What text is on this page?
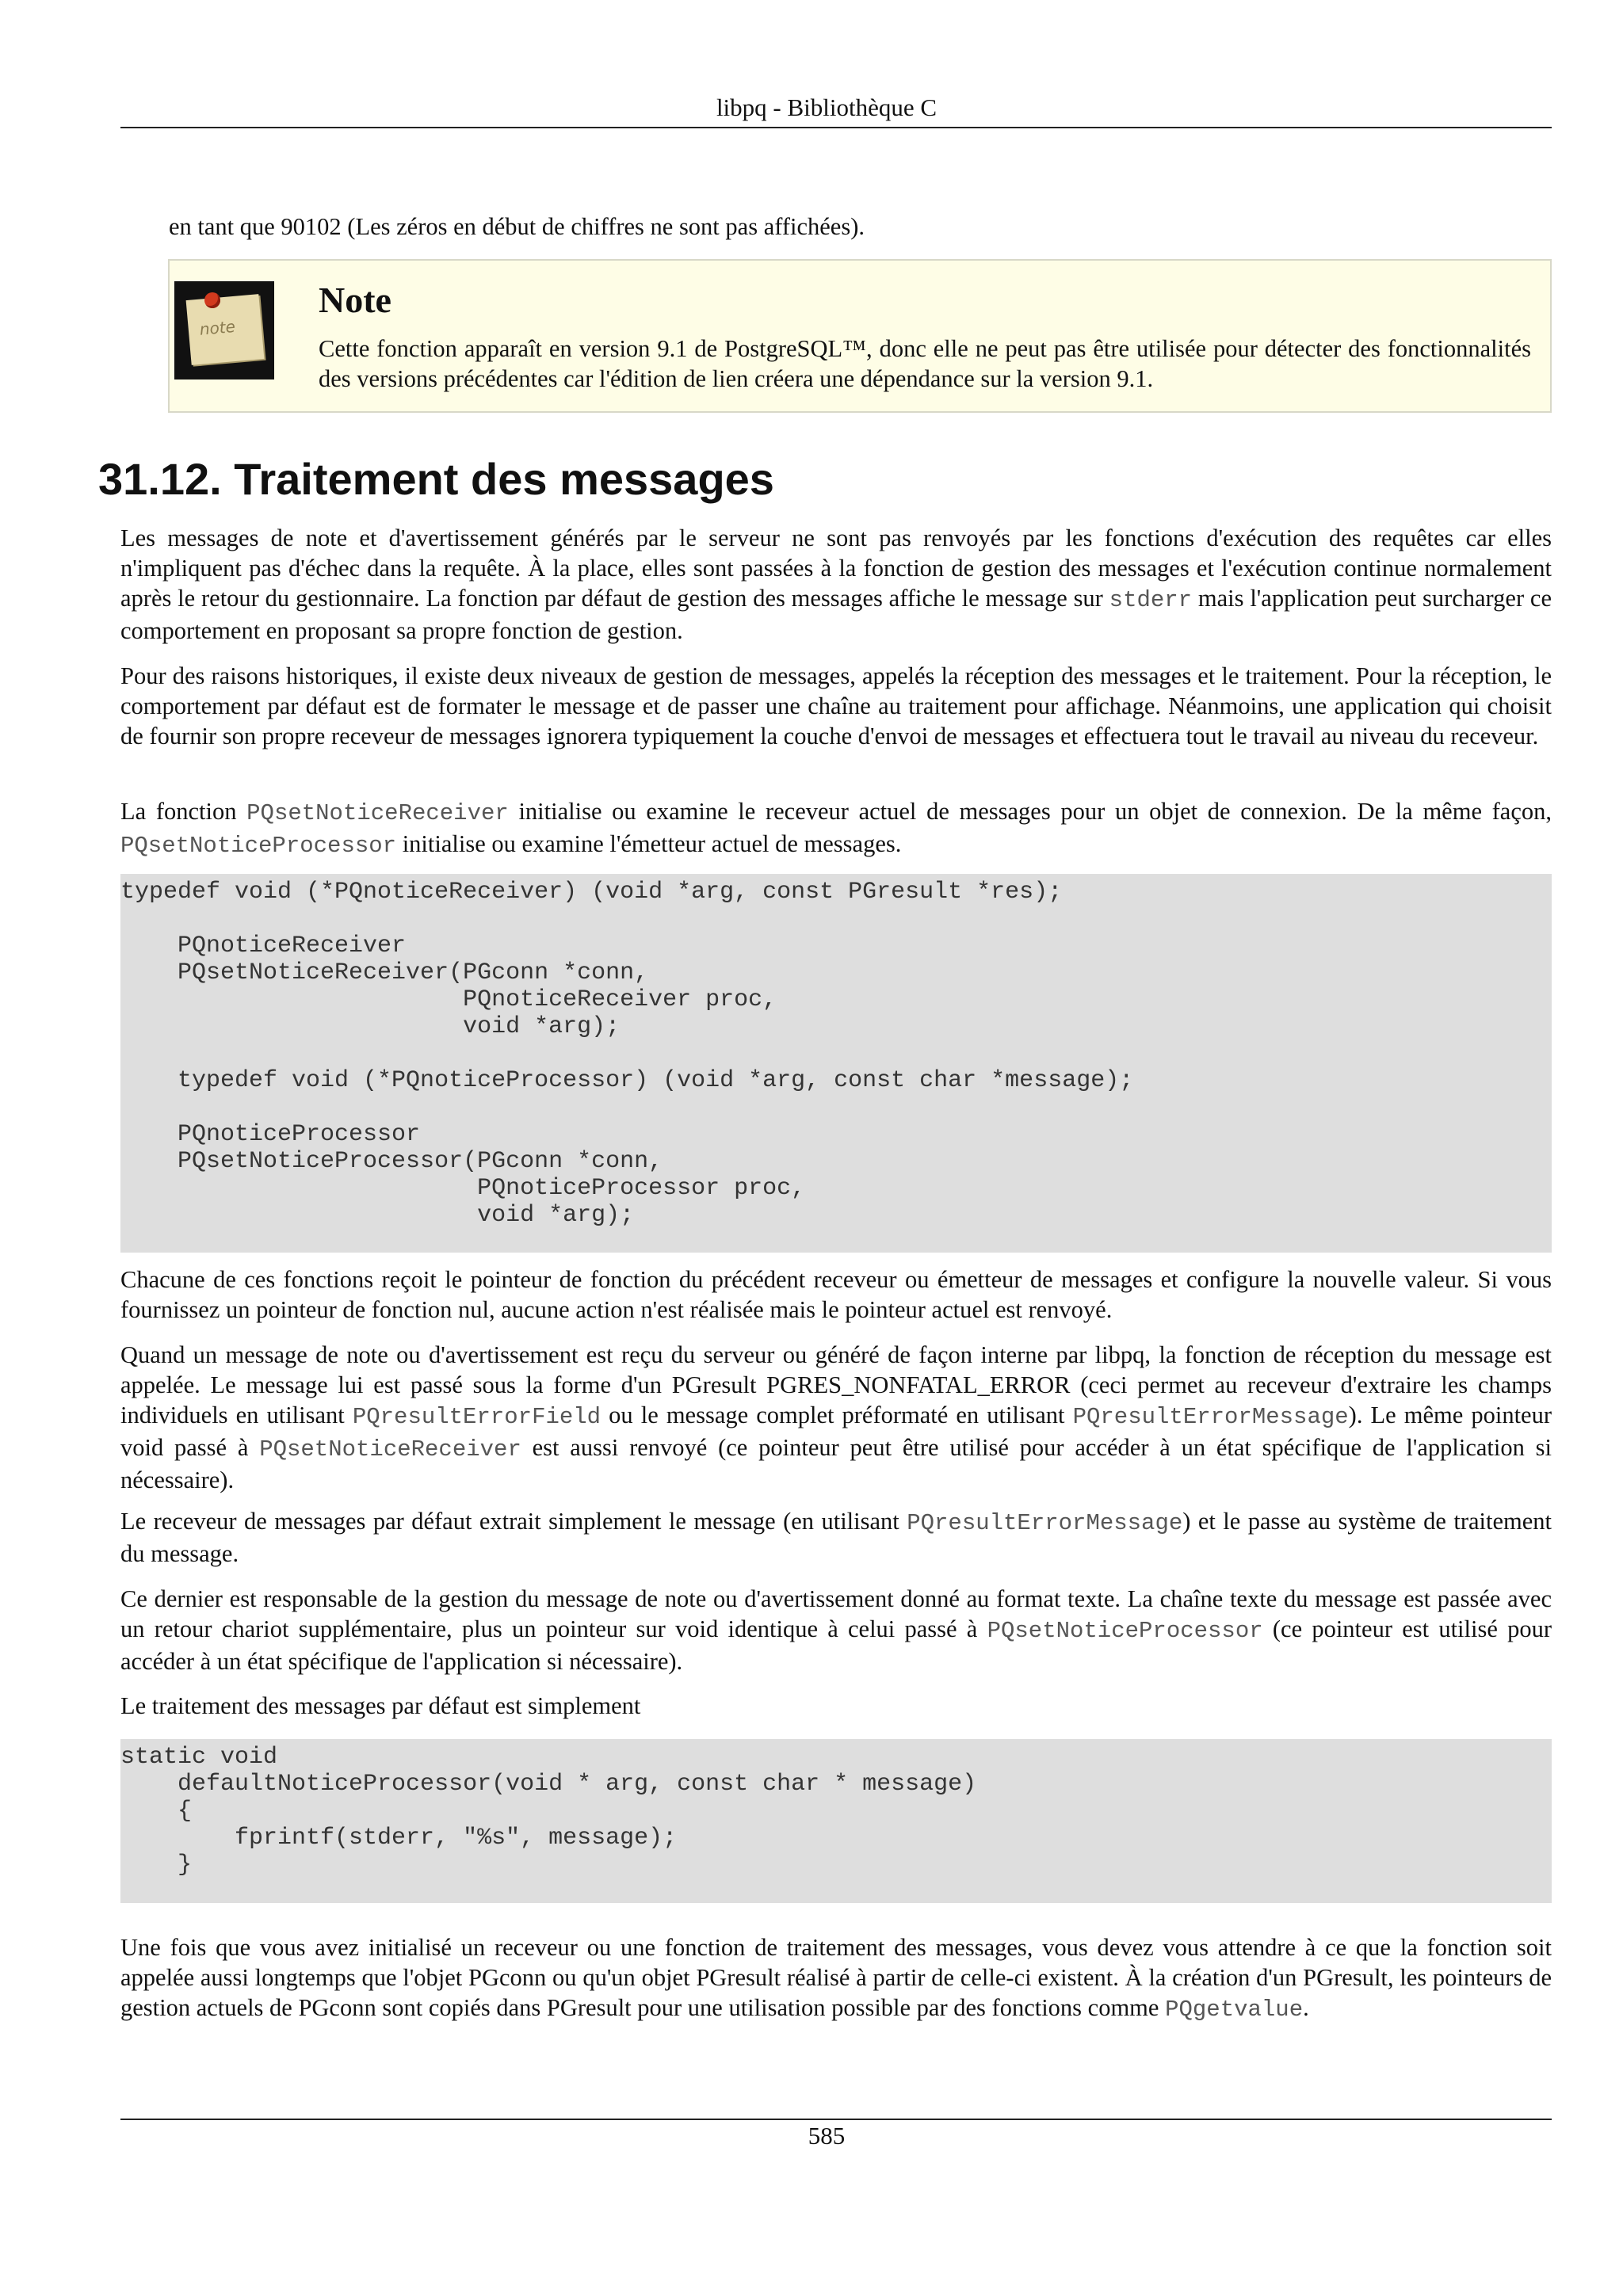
libpq - Bibliothèque C
en tant que 90102 (Les zéros en début de chiffres ne sont pas affichées).
note
Note
Cette fonction apparaît en version 9.1 de PostgreSQL™, donc elle ne peut pas être utilisée pour détecter des fonctionnalités des versions précédentes car l'édition de lien créera une dépendance sur la version 9.1.
31.12. Traitement des messages
Les messages de note et d'avertissement générés par le serveur ne sont pas renvoyés par les fonctions d'exécution des requêtes car elles n'impliquent pas d'échec dans la requête. À la place, elles sont passées à la fonction de gestion des messages et l'exécution continue normalement après le retour du gestionnaire. La fonction par défaut de gestion des messages affiche le message sur stderr mais l'application peut surcharger ce comportement en proposant sa propre fonction de gestion.
Pour des raisons historiques, il existe deux niveaux de gestion de messages, appelés la réception des messages et le traitement. Pour la réception, le comportement par défaut est de formater le message et de passer une chaîne au traitement pour affichage. Néanmoins, une application qui choisit de fournir son propre receveur de messages ignorera typiquement la couche d'envoi de messages et effectuera tout le travail au niveau du receveur.
La fonction PQsetNoticeReceiver initialise ou examine le receveur actuel de messages pour un objet de connexion. De la même façon, PQsetNoticeProcessor initialise ou examine l'émetteur actuel de messages.
typedef void (*PQnoticeReceiver) (void *arg, const PGresult *res);

PQnoticeReceiver
PQsetNoticeReceiver(PGconn *conn,
PQnoticeReceiver proc,
void *arg);

typedef void (*PQnoticeProcessor) (void *arg, const char *message);

PQnoticeProcessor
PQsetNoticeProcessor(PGconn *conn,
PQnoticeProcessor proc,
void *arg);
Chacune de ces fonctions reçoit le pointeur de fonction du précédent receveur ou émetteur de messages et configure la nouvelle valeur. Si vous fournissez un pointeur de fonction nul, aucune action n'est réalisée mais le pointeur actuel est renvoyé.
Quand un message de note ou d'avertissement est reçu du serveur ou généré de façon interne par libpq, la fonction de réception du message est appelée. Le message lui est passé sous la forme d'un PGresult PGRES_NONFATAL_ERROR (ceci permet au receveur d'extraire les champs individuels en utilisant PQresultErrorField ou le message complet préformaté en utilisant PQresultErrorMessage). Le même pointeur void passé à PQsetNoticeReceiver est aussi renvoyé (ce pointeur peut être utilisé pour accéder à un état spécifique de l'application si nécessaire).
Le receveur de messages par défaut extrait simplement le message (en utilisant PQresultErrorMessage) et le passe au système de traitement du message.
Ce dernier est responsable de la gestion du message de note ou d'avertissement donné au format texte. La chaîne texte du message est passée avec un retour chariot supplémentaire, plus un pointeur sur void identique à celui passé à PQsetNoticeProcessor (ce pointeur est utilisé pour accéder à un état spécifique de l'application si nécessaire).
Le traitement des messages par défaut est simplement
static void
defaultNoticeProcessor(void * arg, const char * message)
{
fprintf(stderr, "%s", message);
}
Une fois que vous avez initialisé un receveur ou une fonction de traitement des messages, vous devez vous attendre à ce que la fonction soit appelée aussi longtemps que l'objet PGconn ou qu'un objet PGresult réalisé à partir de celle-ci existent. À la création d'un PGresult, les pointeurs de gestion actuels de PGconn sont copiés dans PGresult pour une utilisation possible par des fonctions comme PQgetvalue.
585
